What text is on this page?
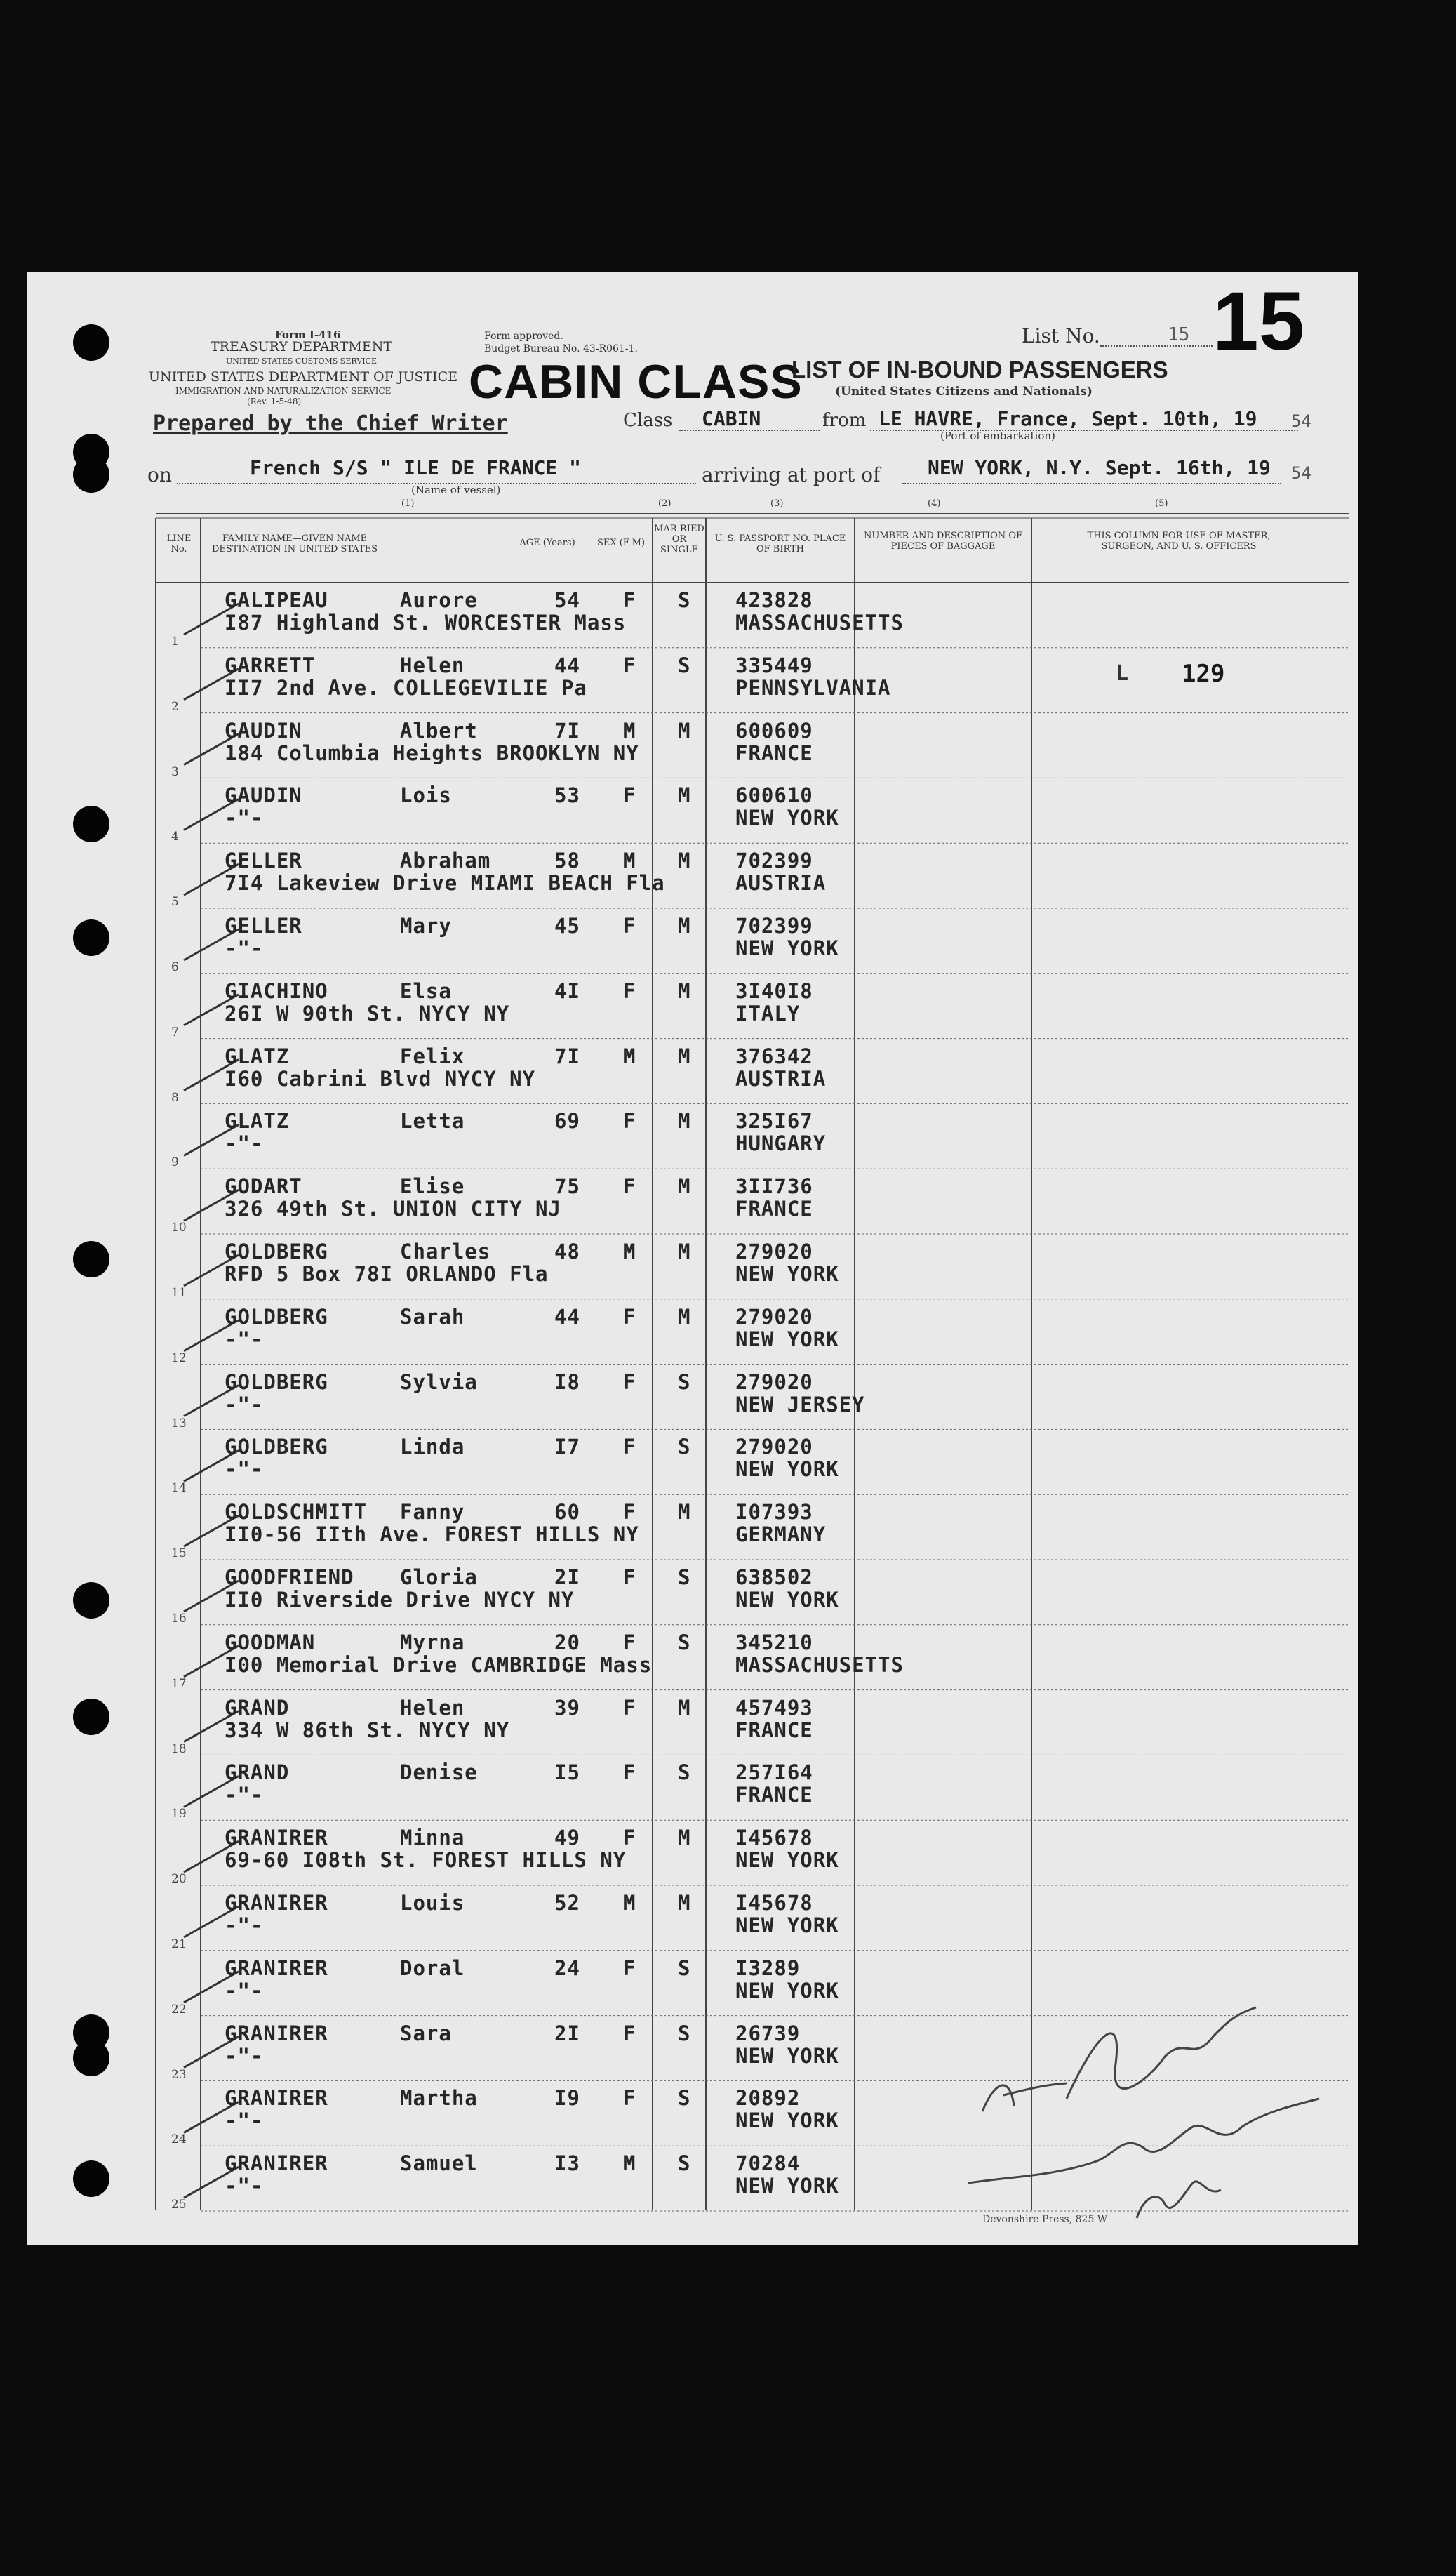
Form I-416
TREASURY DEPARTMENT
UNITED STATES CUSTOMS SERVICE
UNITED STATES DEPARTMENT OF JUSTICE
IMMIGRATION AND NATURALIZATION SERVICE
(Rev. 1-5-48)
Form approved.
Budget Bureau No. 43-R061-1.
CABIN CLASS
LIST OF IN-BOUND PASSENGERS
(United States Citizens and Nationals)
List No.	15 15
Prepared by the Chief Writer	Class CABIN	from LE HAVRE, France, Sept. 10th, 19 54
(Port of embarkation)
on	French S/S " ILE DE FRANCE "
(Name of vessel)
arriving at port of NEW YORK, N.Y. Sept. 16th, 19 54
(1)	(2)	(3)	(4)	(5)
LINE No.
FAMILY NAME—GIVEN NAME DESTINATION IN UNITED STATES
AGE (Years) SEX (F-M)
MAR-RIED OR SINGLE
U. S. PASSPORT NO. PLACE OF BIRTH
NUMBER AND DESCRIPTION OF PIECES OF BAGGAGE
THIS COLUMN FOR USE OF MASTER, SURGEON, AND U. S. OFFICERS
1
GALIPEAU	Aurore	54 F S 423828
I87 Highland St. WORCESTER Mass	MASSACHUSETTS
2
GARRETT	Helen	44 F S 335449
II7 2nd Ave. COLLEGEVILIE Pa	PENNSYLVANIA
3
GAUDIN	Albert	7I M M 600609
184 Columbia Heights BROOKLYN NY	FRANCE
4
GAUDIN	Lois	53 F M 600610
-"-	NEW YORK
5
GELLER	Abraham	58 M M 702399
7I4 Lakeview Drive MIAMI BEACH Fla	AUSTRIA
6
GELLER	Mary	45 F M 702399
-"-	NEW YORK
7
GIACHINO	Elsa	4I F M 3I40I8
26I W 90th St. NYCY NY	ITALY
8
GLATZ	Felix	7I M M 376342
I60 Cabrini Blvd NYCY NY	AUSTRIA
9
GLATZ	Letta	69 F M 325I67
-"-	HUNGARY
10
GODART	Elise	75 F M 3II736
326 49th St. UNION CITY NJ	FRANCE
11
GOLDBERG	Charles	48 M M 279020
RFD 5 Box 78I ORLANDO Fla	NEW YORK
12
GOLDBERG	Sarah	44 F M 279020
-"-	NEW YORK
13
GOLDBERG	Sylvia	I8 F S 279020
-"-	NEW JERSEY
14
GOLDBERG	Linda	I7 F S 279020
-"-	NEW YORK
15
GOLDSCHMITT Fanny	60 F M I07393
II0-56 IIth Ave. FOREST HILLS NY	GERMANY
16
GOODFRIEND Gloria	2I F S 638502
II0 Riverside Drive NYCY NY	NEW YORK
17
GOODMAN	Myrna	20 F S 345210
I00 Memorial Drive CAMBRIDGE Mass	MASSACHUSETTS
18
GRAND	Helen	39 F M 457493
334 W 86th St. NYCY NY	FRANCE
19
GRAND	Denise	I5 F S 257I64
-"-	FRANCE
20
GRANIRER	Minna	49 F M I45678
69-60 I08th St. FOREST HILLS NY	NEW YORK
21
GRANIRER	Louis	52 M M I45678
-"-	NEW YORK
22
GRANIRER	Doral	24 F S I3289
-"-	NEW YORK
23
GRANIRER	Sara	2I F S 26739
-"-	NEW YORK
24
GRANIRER	Martha	I9 F S 20892
-"-	NEW YORK
25
GRANIRER	Samuel	I3 M S 70284
-"-	NEW YORK
L 129
Devonshire Press, 825 W
